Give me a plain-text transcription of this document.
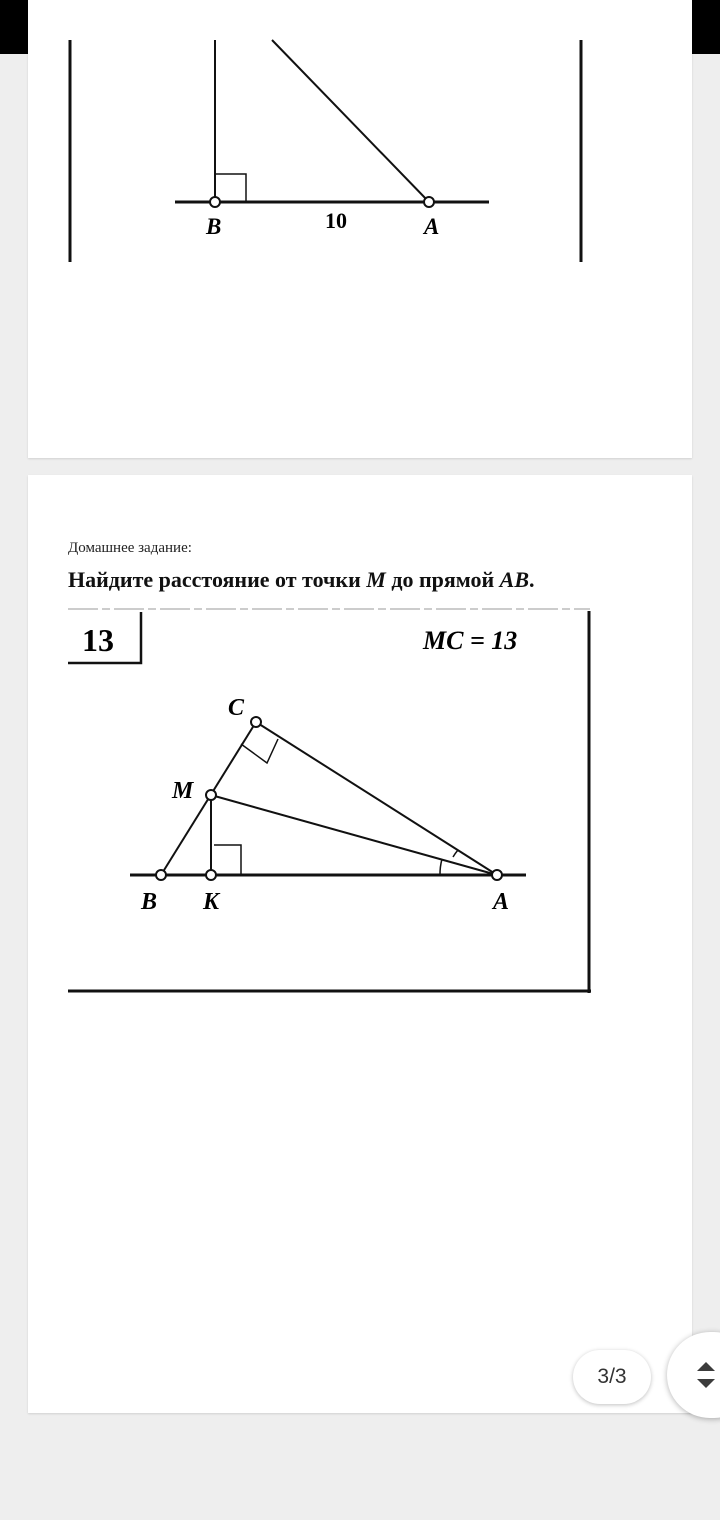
B	10	A
Домашнее задание:
Найдите расстояние от точки M до прямой AB.
13	MC = 13
C
M
B K	A
3/3
